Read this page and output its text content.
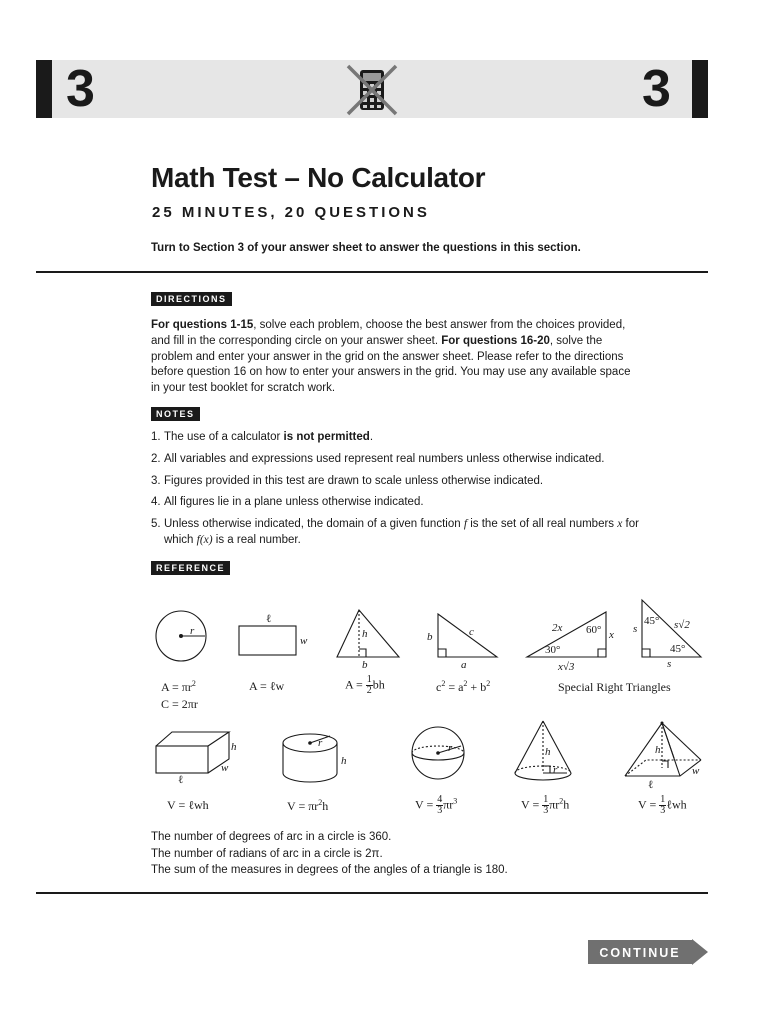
3	3
Math Test – No Calculator
25 MINUTES, 20 QUESTIONS
Turn to Section 3 of your answer sheet to answer the questions in this section.
DIRECTIONS
For questions 1-15, solve each problem, choose the best answer from the choices provided, and fill in the corresponding circle on your answer sheet. For questions 16-20, solve the problem and enter your answer in the grid on the answer sheet. Please refer to the directions before question 16 on how to enter your answers in the grid. You may use any available space in your test booklet for scratch work.
NOTES
1. The use of a calculator is not permitted.
2. All variables and expressions used represent real numbers unless otherwise indicated.
3. Figures provided in this test are drawn to scale unless otherwise indicated.
4. All figures lie in a plane unless otherwise indicated.
5. Unless otherwise indicated, the domain of a given function f is the set of all real numbers x for which f(x) is a real number.
REFERENCE
r
ℓ
w
h
b
b	c
a
2x 60°
30°
x
x√3
45°
s	s√2
45°
s
h
w
ℓ
r
h
r	h
r
h
ℓ
w
$A = \pi r^2$
C = 2πr
A = ℓw	$A = \frac{1}{2}$ bh	$c^2 = a^2 + b^2$	Special Right Triangles
V = ℓwh	$V = \pi r^2h$	$V = \frac{4}{3} \pi r^3$	$V = \frac{1}{3} \pi r^2h$	$V = \frac{1}{3}$ ℓwh
The number of degrees of arc in a circle is 360.
The number of radians of arc in a circle is 2π.
The sum of the measures in degrees of the angles of a triangle is 180.
CONTINUE
